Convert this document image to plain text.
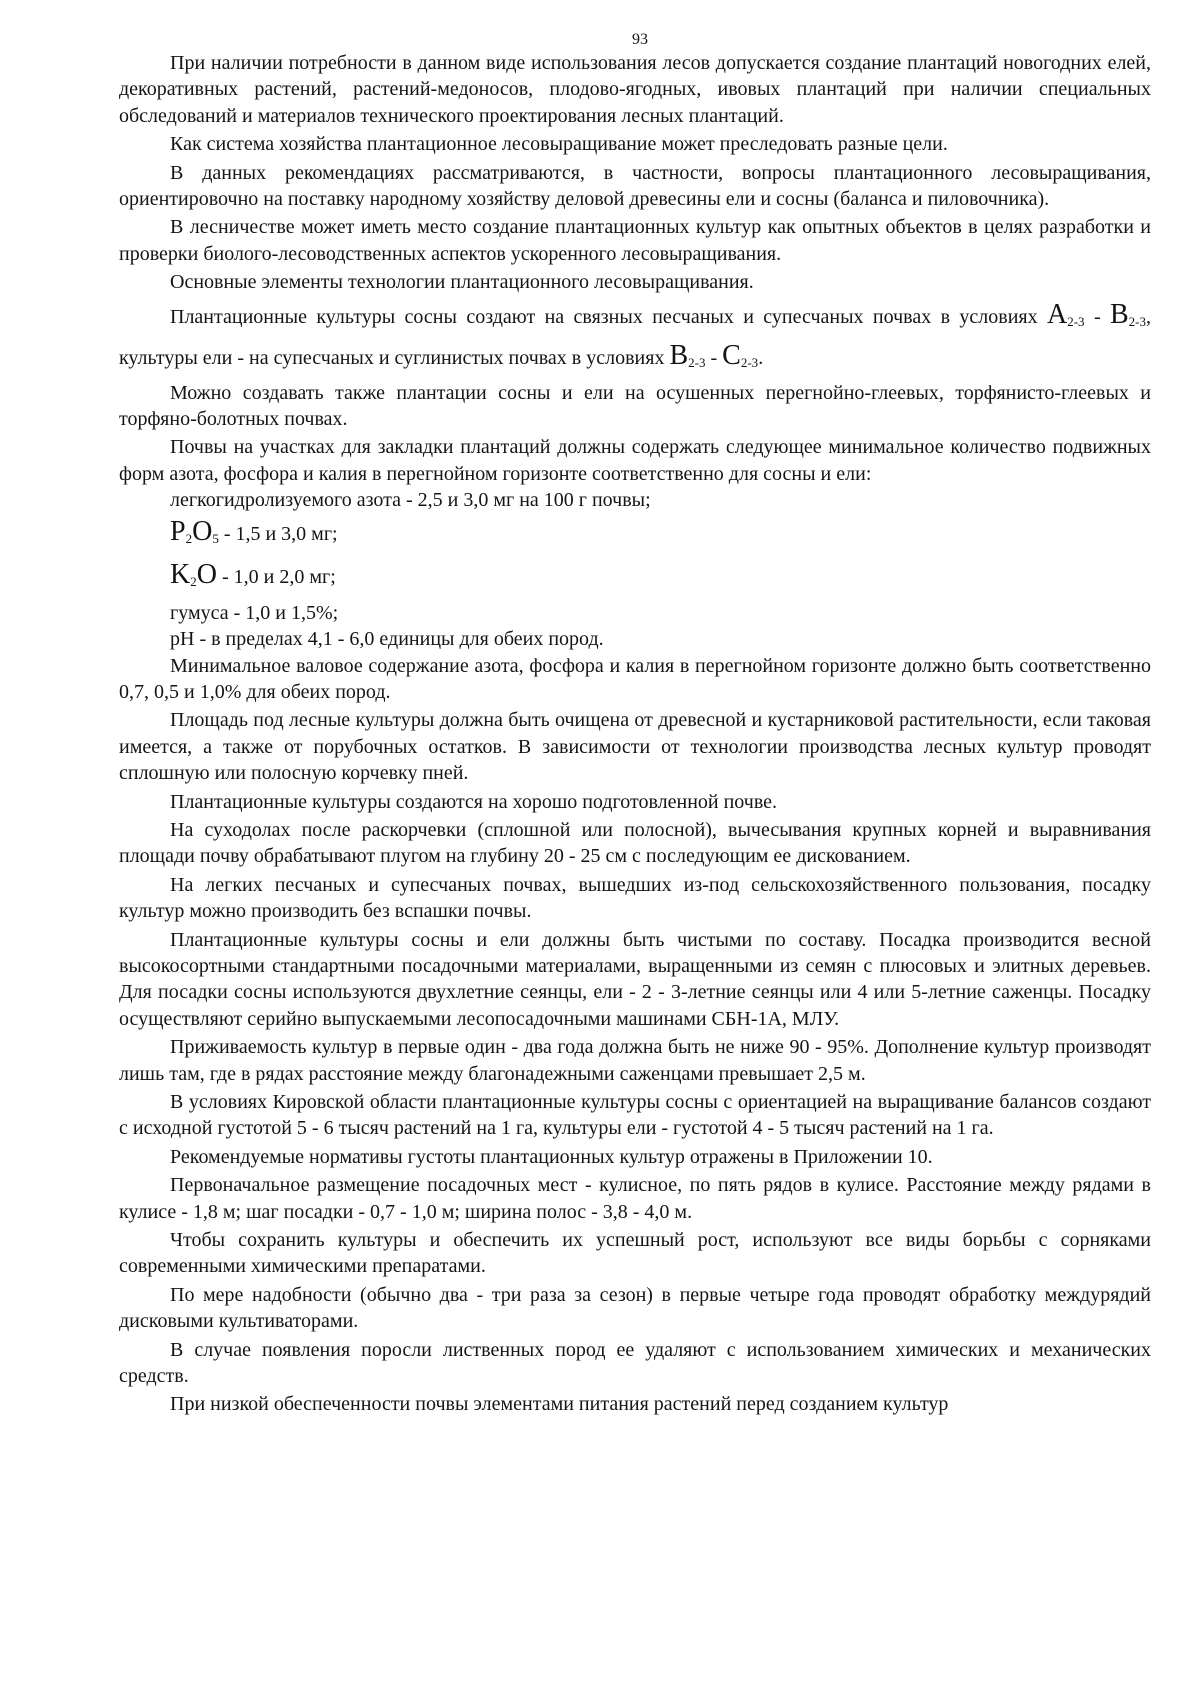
93

При наличии потребности в данном виде использования лесов допускается создание плантаций новогодних елей, декоративных растений, растений-медоносов, плодово-ягодных, ивовых плантаций при наличии специальных обследований и материалов технического проектирования лесных плантаций.

Как система хозяйства плантационное лесовыращивание может преследовать разные цели.

В данных рекомендациях рассматриваются, в частности, вопросы плантационного лесовыращивания, ориентировочно на поставку народному хозяйству деловой древесины ели и сосны (баланса и пиловочника).

В лесничестве может иметь место создание плантационных культур как опытных объектов в целях разработки и проверки биолого-лесоводственных аспектов ускоренного лесовыращивания.

Основные элементы технологии плантационного лесовыращивания.

Плантационные культуры сосны создают на связных песчаных и супесчаных почвах в условиях $A_{2-3} - B_{2-3}$, культуры ели - на супесчаных и суглинистых почвах в условиях $B_{2-3} - C_{2-3}$.

Можно создавать также плантации сосны и ели на осушенных перегнойно-глеевых, торфянисто-глеевых и торфяно-болотных почвах.

Почвы на участках для закладки плантаций должны содержать следующее минимальное количество подвижных форм азота, фосфора и калия в перегнойном горизонте соответственно для сосны и ели:

легкогидролизуемого азота - 2,5 и 3,0 мг на 100 г почвы;

$P_2O_5 - 1,5$ и 3,0 мг;

$K_2O - 1,0$ и 2,0 мг;

гумуса - 1,0 и 1,5%;

pH - в пределах 4,1 - 6,0 единицы для обеих пород.

Минимальное валовое содержание азота, фосфора и калия в перегнойном горизонте должно быть соответственно 0,7, 0,5 и 1,0% для обеих пород.

Площадь под лесные культуры должна быть очищена от древесной и кустарниковой растительности, если таковая имеется, а также от порубочных остатков. В зависимости от технологии производства лесных культур проводят сплошную или полосную корчевку пней.

Плантационные культуры создаются на хорошо подготовленной почве.

На суходолах после раскорчевки (сплошной или полосной), вычесывания крупных корней и выравнивания площади почву обрабатывают плугом на глубину 20 - 25 см с последующим ее дискованием.

На легких песчаных и супесчаных почвах, вышедших из-под сельскохозяйственного пользования, посадку культур можно производить без вспашки почвы.

Плантационные культуры сосны и ели должны быть чистыми по составу. Посадка производится весной высокосортными стандартными посадочными материалами, выращенными из семян с плюсовых и элитных деревьев. Для посадки сосны используются двухлетние сеянцы, ели - 2 - 3-летние сеянцы или 4 или 5-летние саженцы. Посадку осуществляют серийно выпускаемыми лесопосадочными машинами СБН-1А, МЛУ.

Приживаемость культур в первые один - два года должна быть не ниже 90 - 95%. Дополнение культур производят лишь там, где в рядах расстояние между благонадежными саженцами превышает 2,5 м.

В условиях Кировской области плантационные культуры сосны с ориентацией на выращивание балансов создают с исходной густотой 5 - 6 тысяч растений на 1 га, культуры ели - густотой 4 - 5 тысяч растений на 1 га.

Рекомендуемые нормативы густоты плантационных культур отражены в Приложении 10.

Первоначальное размещение посадочных мест - кулисное, по пять рядов в кулисе. Расстояние между рядами в кулисе - 1,8 м; шаг посадки - 0,7 - 1,0 м; ширина полос - 3,8 - 4,0 м.

Чтобы сохранить культуры и обеспечить их успешный рост, используют все виды борьбы с сорняками современными химическими препаратами.

По мере надобности (обычно два - три раза за сезон) в первые четыре года проводят обработку междурядий дисковыми культиваторами.

В случае появления поросли лиственных пород ее удаляют с использованием химических и механических средств.

При низкой обеспеченности почвы элементами питания растений перед созданием культур
